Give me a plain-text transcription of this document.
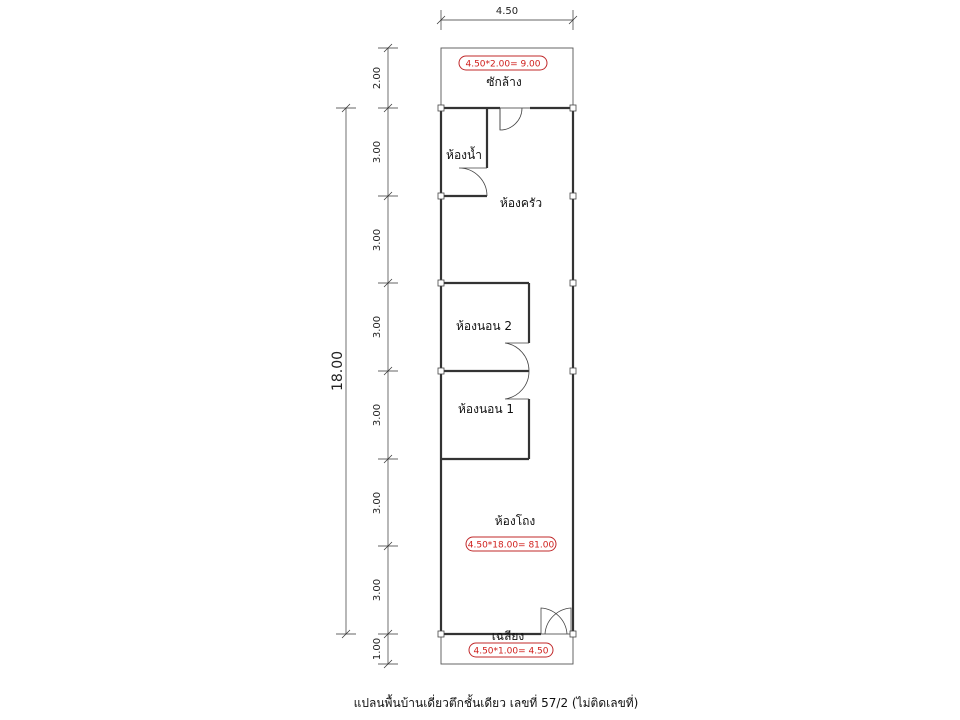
4.50
18.00
2.00
3.00
3.00
3.00
3.00
3.00
3.00
1.00
4.50*2.00= 9.00
4.50*18.00= 81.00
4.50*1.00= 4.50
ซักล้าง
ห้องน้ำ
ห้องครัว
ห้องนอน 2
ห้องนอน 1
ห้องโถง
เฉลียง
แปลนพื้นบ้านเดี่ยวตึกชั้นเดียว เลขที่ 57/2 (ไม่ติดเลขที่)
